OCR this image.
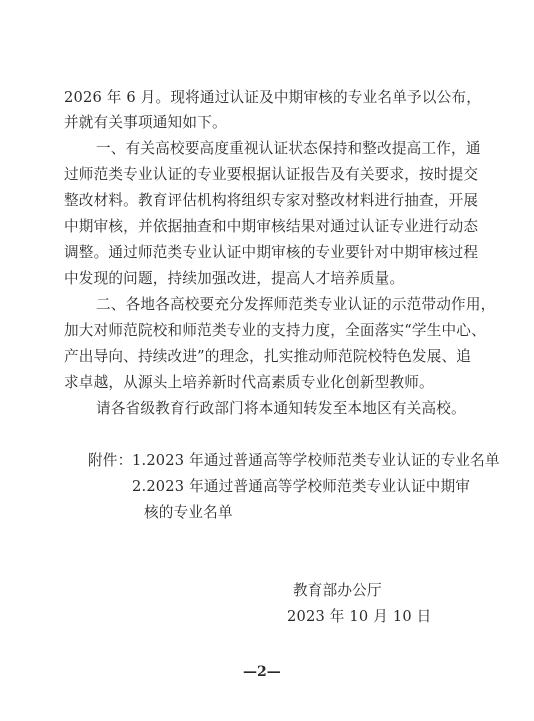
2026 年 6 月。现将通过认证及中期审核的专业名单予以公布，
并就有关事项通知如下。
一、有关高校要高度重视认证状态保持和整改提高工作，通
过师范类专业认证的专业要根据认证报告及有关要求，按时提交
整改材料。教育评估机构将组织专家对整改材料进行抽查，开展
中期审核，并依据抽查和中期审核结果对通过认证专业进行动态
调整。通过师范类专业认证中期审核的专业要针对中期审核过程
中发现的问题，持续加强改进，提高人才培养质量。
二、各地各高校要充分发挥师范类专业认证的示范带动作用，
加大对师范院校和师范类专业的支持力度，全面落实“学生中心、
产出导向、持续改进”的理念，扎实推动师范院校特色发展、追
求卓越，从源头上培养新时代高素质专业化创新型教师。
请各省级教育行政部门将本通知转发至本地区有关高校。
附件： 1.2023 年通过普通高等学校师范类专业认证的专业名单
2.2023 年通过普通高等学校师范类专业认证中期审
核的专业名单
教育部办公厅
2023 年 10 月 10 日
—2—
